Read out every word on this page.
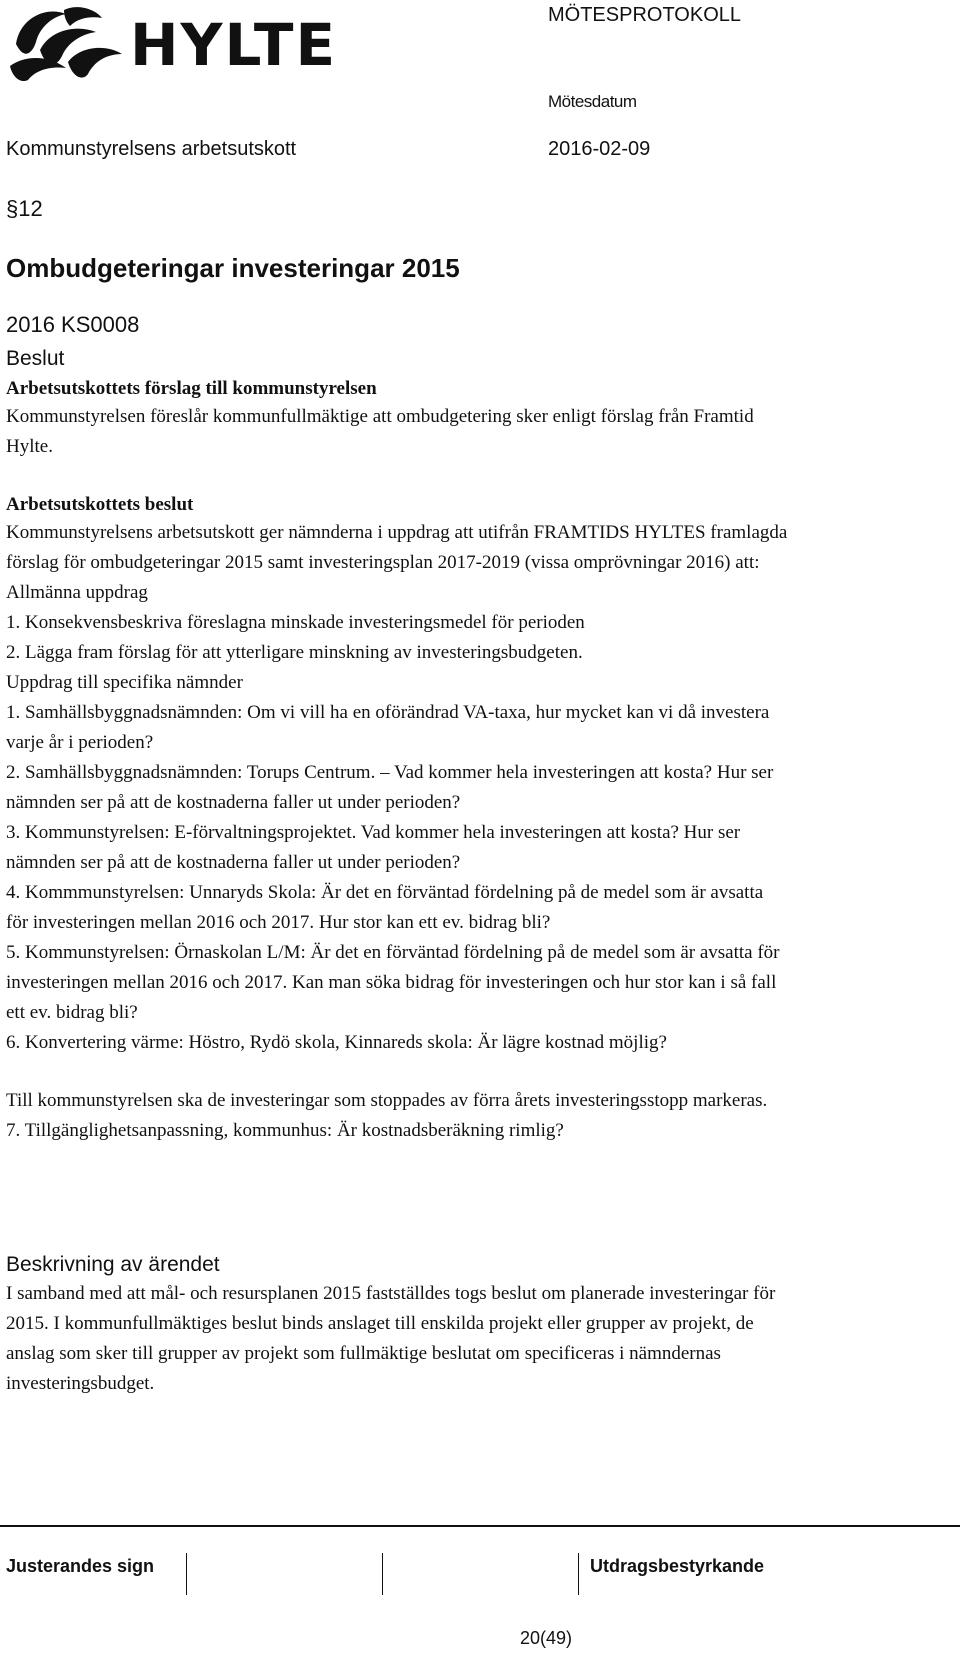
HYLTE	MÖTESPROTOKOLL
Mötesdatum
Kommunstyrelsens arbetsutskott	2016-02-09
§12
Ombudgeteringar investeringar 2015
2016 KS0008
Beslut
Arbetsutskottets förslag till kommunstyrelsen
Kommunstyrelsen föreslår kommunfullmäktige att ombudgetering sker enligt förslag från Framtid
Hylte.
Arbetsutskottets beslut
Kommunstyrelsens arbetsutskott ger nämnderna i uppdrag att utifrån FRAMTIDS HYLTES framlagda
förslag för ombudgeteringar 2015 samt investeringsplan 2017-2019 (vissa omprövningar 2016) att:
Allmänna uppdrag
1. Konsekvensbeskriva föreslagna minskade investeringsmedel för perioden
2. Lägga fram förslag för att ytterligare minskning av investeringsbudgeten.
Uppdrag till specifika nämnder
1. Samhällsbyggnadsnämnden: Om vi vill ha en oförändrad VA-taxa, hur mycket kan vi då investera
varje år i perioden?
2. Samhällsbyggnadsnämnden: Torups Centrum. – Vad kommer hela investeringen att kosta? Hur ser
nämnden ser på att de kostnaderna faller ut under perioden?
3. Kommunstyrelsen: E-förvaltningsprojektet. Vad kommer hela investeringen att kosta? Hur ser
nämnden ser på att de kostnaderna faller ut under perioden?
4. Kommmunstyrelsen: Unnaryds Skola: Är det en förväntad fördelning på de medel som är avsatta
för investeringen mellan 2016 och 2017. Hur stor kan ett ev. bidrag bli?
5. Kommunstyrelsen: Örnaskolan L/M: Är det en förväntad fördelning på de medel som är avsatta för
investeringen mellan 2016 och 2017. Kan man söka bidrag för investeringen och hur stor kan i så fall
ett ev. bidrag bli?
6. Konvertering värme: Höstro, Rydö skola, Kinnareds skola: Är lägre kostnad möjlig?
Till kommunstyrelsen ska de investeringar som stoppades av förra årets investeringsstopp markeras.
7. Tillgänglighetsanpassning, kommunhus: Är kostnadsberäkning rimlig?
Beskrivning av ärendet
I samband med att mål- och resursplanen 2015 fastställdes togs beslut om planerade investeringar för
2015. I kommunfullmäktiges beslut binds anslaget till enskilda projekt eller grupper av projekt, de
anslag som sker till grupper av projekt som fullmäktige beslutat om specificeras i nämndernas
investeringsbudget.
Justerandes sign	Utdragsbestyrkande
20(49)
